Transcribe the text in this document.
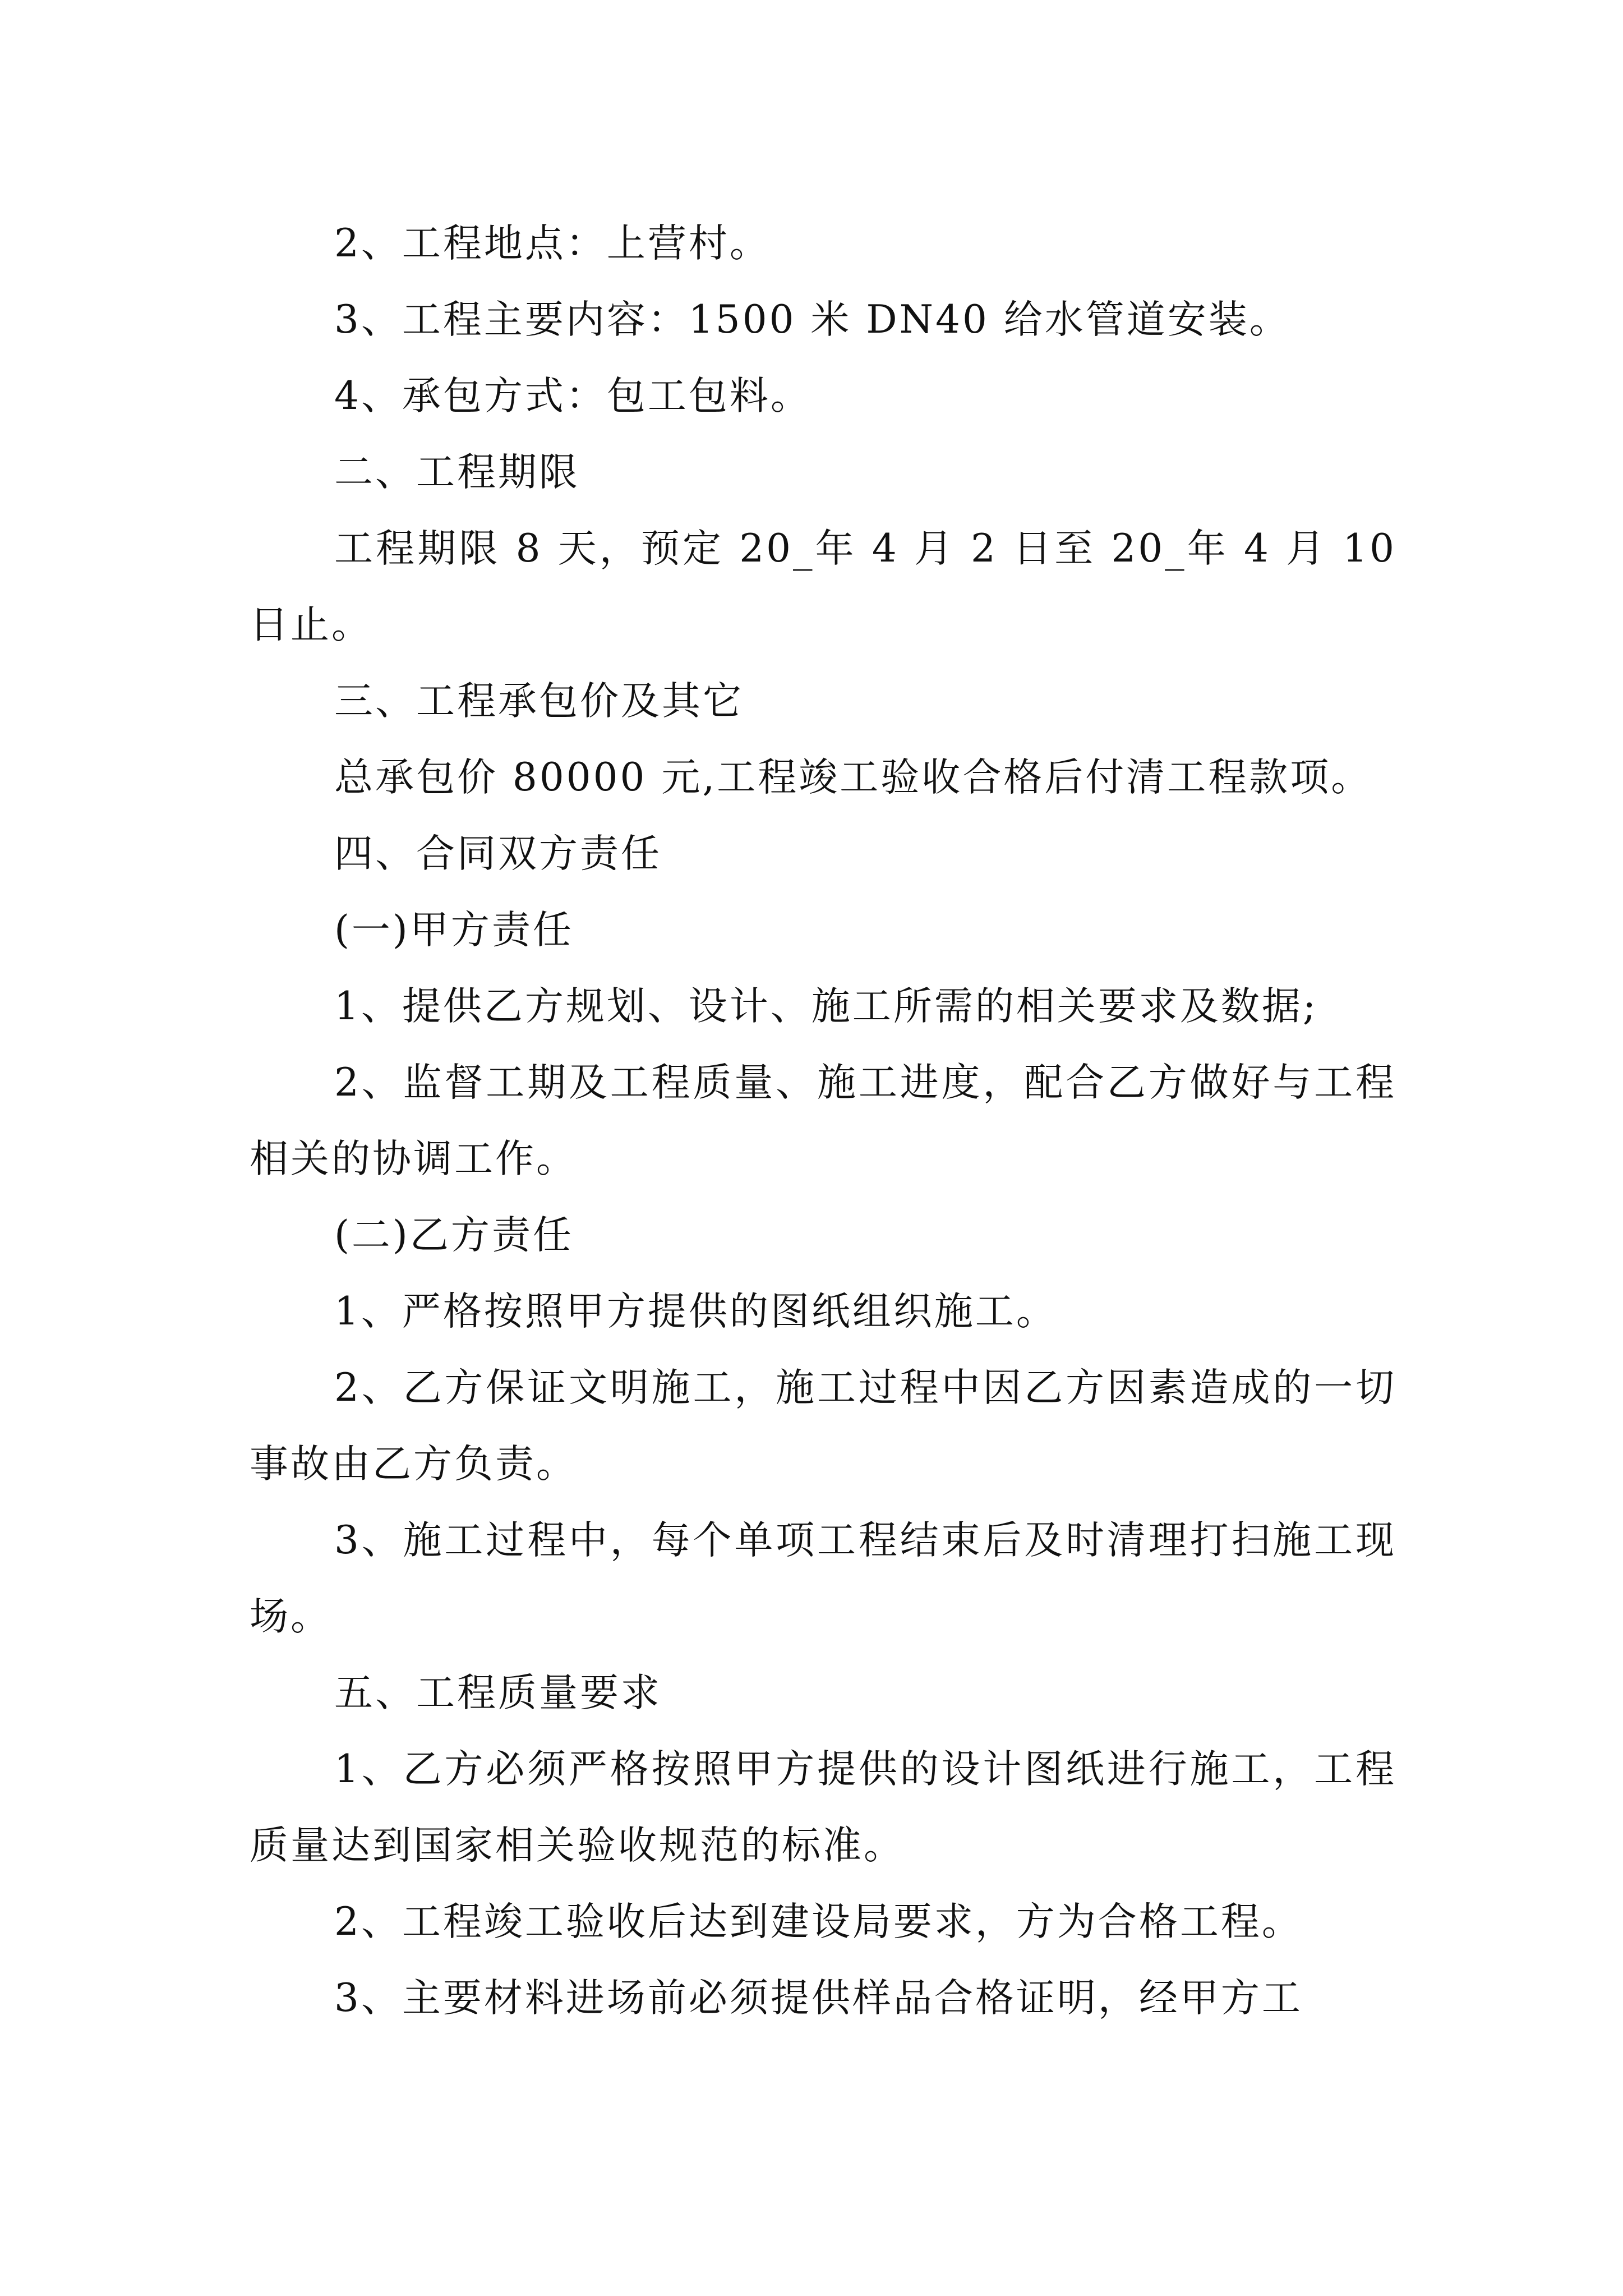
2、工程地点：上营村。

3、工程主要内容：1500 米 DN40 给水管道安装。

4、承包方式：包工包料。

二、工程期限

工程期限 8 天，预定 20_年 4 月 2 日至 20_年 4 月 10 日止。

三、工程承包价及其它

总承包价 80000 元,工程竣工验收合格后付清工程款项。

四、合同双方责任

(一)甲方责任

1、提供乙方规划、设计、施工所需的相关要求及数据;

2、监督工期及工程质量、施工进度，配合乙方做好与工程相关的协调工作。

(二)乙方责任

1、严格按照甲方提供的图纸组织施工。

2、乙方保证文明施工，施工过程中因乙方因素造成的一切事故由乙方负责。

3、施工过程中，每个单项工程结束后及时清理打扫施工现场。

五、工程质量要求

1、乙方必须严格按照甲方提供的设计图纸进行施工，工程质量达到国家相关验收规范的标准。

2、工程竣工验收后达到建设局要求，方为合格工程。

3、主要材料进场前必须提供样品合格证明，经甲方工
